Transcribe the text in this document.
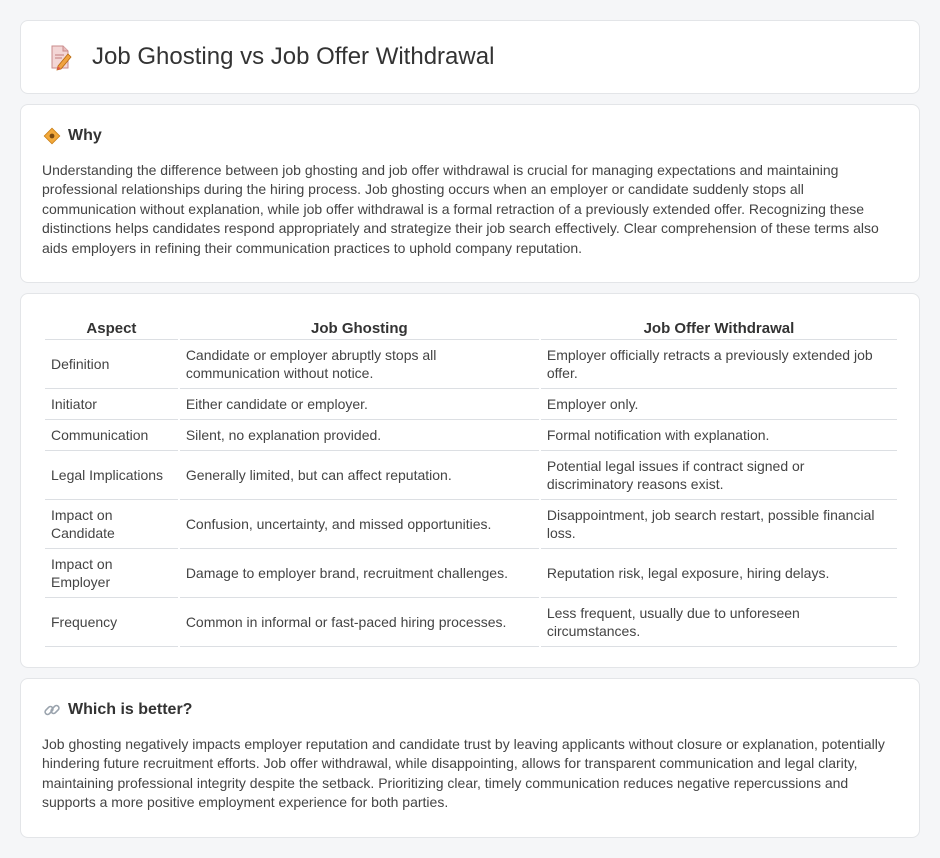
Job Ghosting vs Job Offer Withdrawal
Why

Understanding the difference between job ghosting and job offer withdrawal is crucial for managing expectations and maintaining professional relationships during the hiring process. Job ghosting occurs when an employer or candidate suddenly stops all communication without explanation, while job offer withdrawal is a formal retraction of a previously extended offer. Recognizing these distinctions helps candidates respond appropriately and strategize their job search effectively. Clear comprehension of these terms also aids employers in refining their communication practices to uphold company reputation.

Aspect	Job Ghosting	Job Offer Withdrawal
Definition	Candidate or employer abruptly stops all communication without notice.	Employer officially retracts a previously extended job offer.
Initiator	Either candidate or employer.	Employer only.
Communication	Silent, no explanation provided.	Formal notification with explanation.
Legal Implications	Generally limited, but can affect reputation.	Potential legal issues if contract signed or discriminatory reasons exist.
Impact on Candidate	Confusion, uncertainty, and missed opportunities.	Disappointment, job search restart, possible financial loss.
Impact on Employer	Damage to employer brand, recruitment challenges.	Reputation risk, legal exposure, hiring delays.
Frequency	Common in informal or fast-paced hiring processes.	Less frequent, usually due to unforeseen circumstances.
Which is better?

Job ghosting negatively impacts employer reputation and candidate trust by leaving applicants without closure or explanation, potentially hindering future recruitment efforts. Job offer withdrawal, while disappointing, allows for transparent communication and legal clarity, maintaining professional integrity despite the setback. Prioritizing clear, timely communication reduces negative repercussions and supports a more positive employment experience for both parties.
